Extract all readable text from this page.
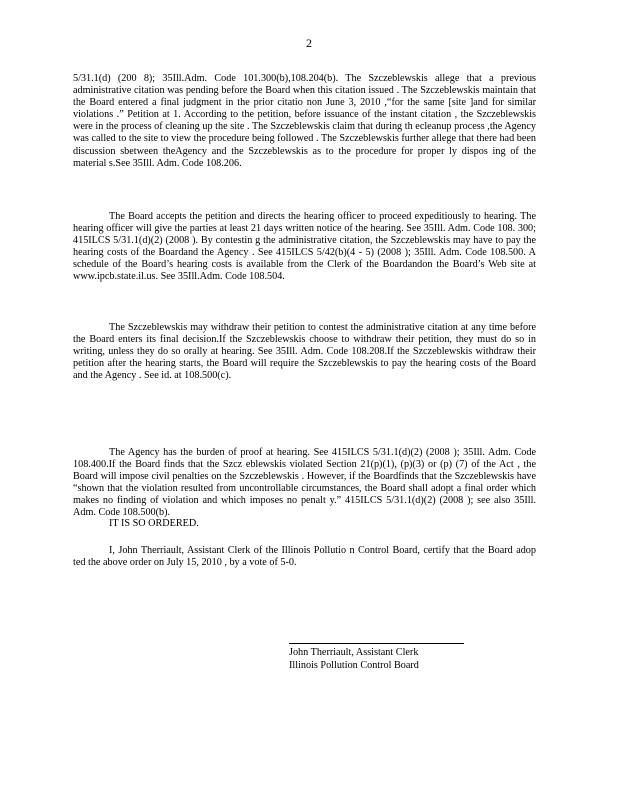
2

5/31.1(d) (200 8); 35Ill.Adm. Code 101.300(b),108.204(b). The Szczeblewskis allege that a previous administrative citation was pending before the Board when this citation issued . The Szczeblewskis maintain that the Board entered a final judgment in the prior citatio non June 3, 2010 ,“for the same [site ]and for similar violations .” Petition at 1. According to the petition, before issuance of the instant citation , the Szczeblewskis were in the process of cleaning up the site . The Szczeblewskis claim that during th ecleanup process ,the Agency was called to the site to view the procedure being followed . The Szczeblewskis further allege that there had been discussion sbetween theAgency and the Szczeblewskis as to the procedure for proper ly dispos ing of the material s.See 35Ill. Adm. Code 108.206.

The Board accepts the petition and directs the hearing officer to proceed expeditiously to hearing. The hearing officer will give the parties at least 21 days written notice of the hearing. See 35Ill. Adm. Code 108. 300; 415ILCS 5/31.1(d)(2) (2008 ). By contestin g the administrative citation, the Szczeblewskis may have to pay the hearing costs of the Boardand the Agency . See 415ILCS 5/42(b)(4 - 5) (2008 ); 35Ill. Adm. Code 108.500. A schedule of the Board’s hearing costs is available from the Clerk of the Boardandon the Board’s Web site at www.ipcb.state.il.us. See 35Ill.Adm. Code 108.504.

The Szczeblewskis may withdraw their petition to contest the administrative citation at any time before the Board enters its final decision.If the Szczeblewskis choose to withdraw their petition, they must do so in writing, unless they do so orally at hearing. See 35Ill. Adm. Code 108.208.If the Szczeblewskis withdraw their petition after the hearing starts, the Board will require the Szczeblewskis to pay the hearing costs of the Board and the Agency . See id. at 108.500(c).

The Agency has the burden of proof at hearing. See 415ILCS 5/31.1(d)(2) (2008 ); 35Ill. Adm. Code 108.400.If the Board finds that the Szcz eblewskis violated Section 21(p)(1), (p)(3) or (p) (7) of the Act , the Board will impose civil penalties on the Szczeblewskis . However, if the Boardfinds that the Szczeblewskis have “shown that the violation resulted from uncontrollable circumstances, the Board shall adopt a final order which makes no finding of violation and which imposes no penalt y.” 415ILCS 5/31.1(d)(2) (2008 ); see also 35Ill. Adm. Code 108.500(b).

IT IS SO ORDERED.

I, John Therriault, Assistant Clerk of the Illinois Pollutio n Control Board, certify that the Board adop ted the above order on July 15, 2010 , by a vote of 5-0.

John Therriault, Assistant Clerk
Illinois Pollution Control Board
